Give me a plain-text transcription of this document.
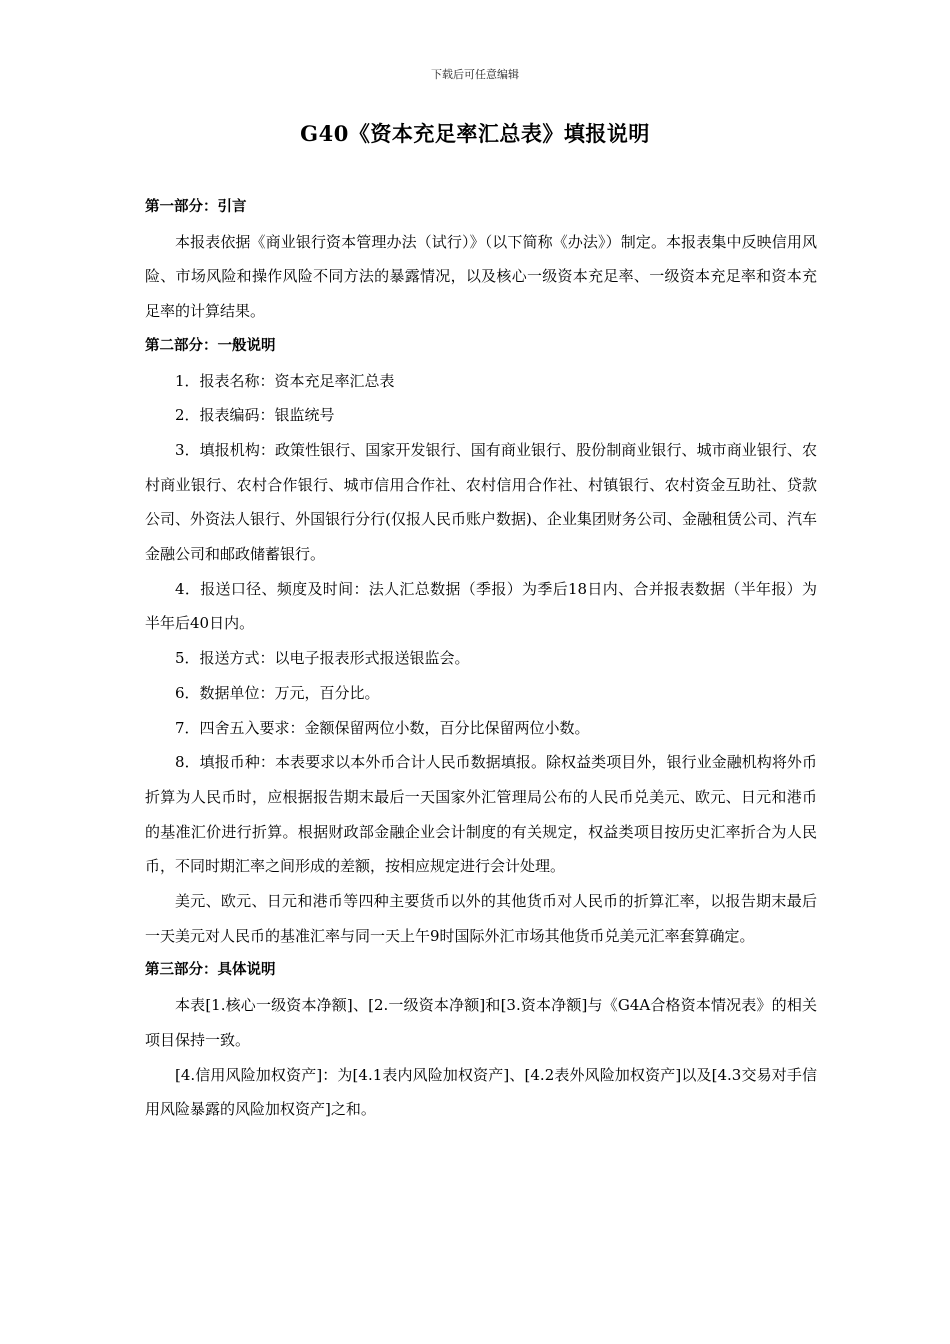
下载后可任意编辑
G40《资本充足率汇总表》填报说明
第一部分：引言
本报表依据《商业银行资本管理办法（试行）》（以下简称《办法》）制定。本报表集中反映信用风险、市场风险和操作风险不同方法的暴露情况，以及核心一级资本充足率、一级资本充足率和资本充足率的计算结果。
第二部分：一般说明
1．报表名称：资本充足率汇总表
2．报表编码：银监统号
3．填报机构：政策性银行、国家开发银行、国有商业银行、股份制商业银行、城市商业银行、农村商业银行、农村合作银行、城市信用合作社、农村信用合作社、村镇银行、农村资金互助社、贷款公司、外资法人银行、外国银行分行(仅报人民币账户数据)、企业集团财务公司、金融租赁公司、汽车金融公司和邮政储蓄银行。
4．报送口径、频度及时间：法人汇总数据（季报）为季后18日内、合并报表数据（半年报）为半年后40日内。
5．报送方式：以电子报表形式报送银监会。
6．数据单位：万元，百分比。
7．四舍五入要求：金额保留两位小数，百分比保留两位小数。
8．填报币种：本表要求以本外币合计人民币数据填报。除权益类项目外，银行业金融机构将外币折算为人民币时，应根据报告期末最后一天国家外汇管理局公布的人民币兑美元、欧元、日元和港币的基准汇价进行折算。根据财政部金融企业会计制度的有关规定，权益类项目按历史汇率折合为人民币，不同时期汇率之间形成的差额，按相应规定进行会计处理。
美元、欧元、日元和港币等四种主要货币以外的其他货币对人民币的折算汇率，以报告期末最后一天美元对人民币的基准汇率与同一天上午9时国际外汇市场其他货币兑美元汇率套算确定。
第三部分：具体说明
本表[1.核心一级资本净额]、[2.一级资本净额]和[3.资本净额]与《G4A合格资本情况表》的相关项目保持一致。
[4.信用风险加权资产]：为[4.1表内风险加权资产]、[4.2表外风险加权资产]以及[4.3交易对手信用风险暴露的风险加权资产]之和。
